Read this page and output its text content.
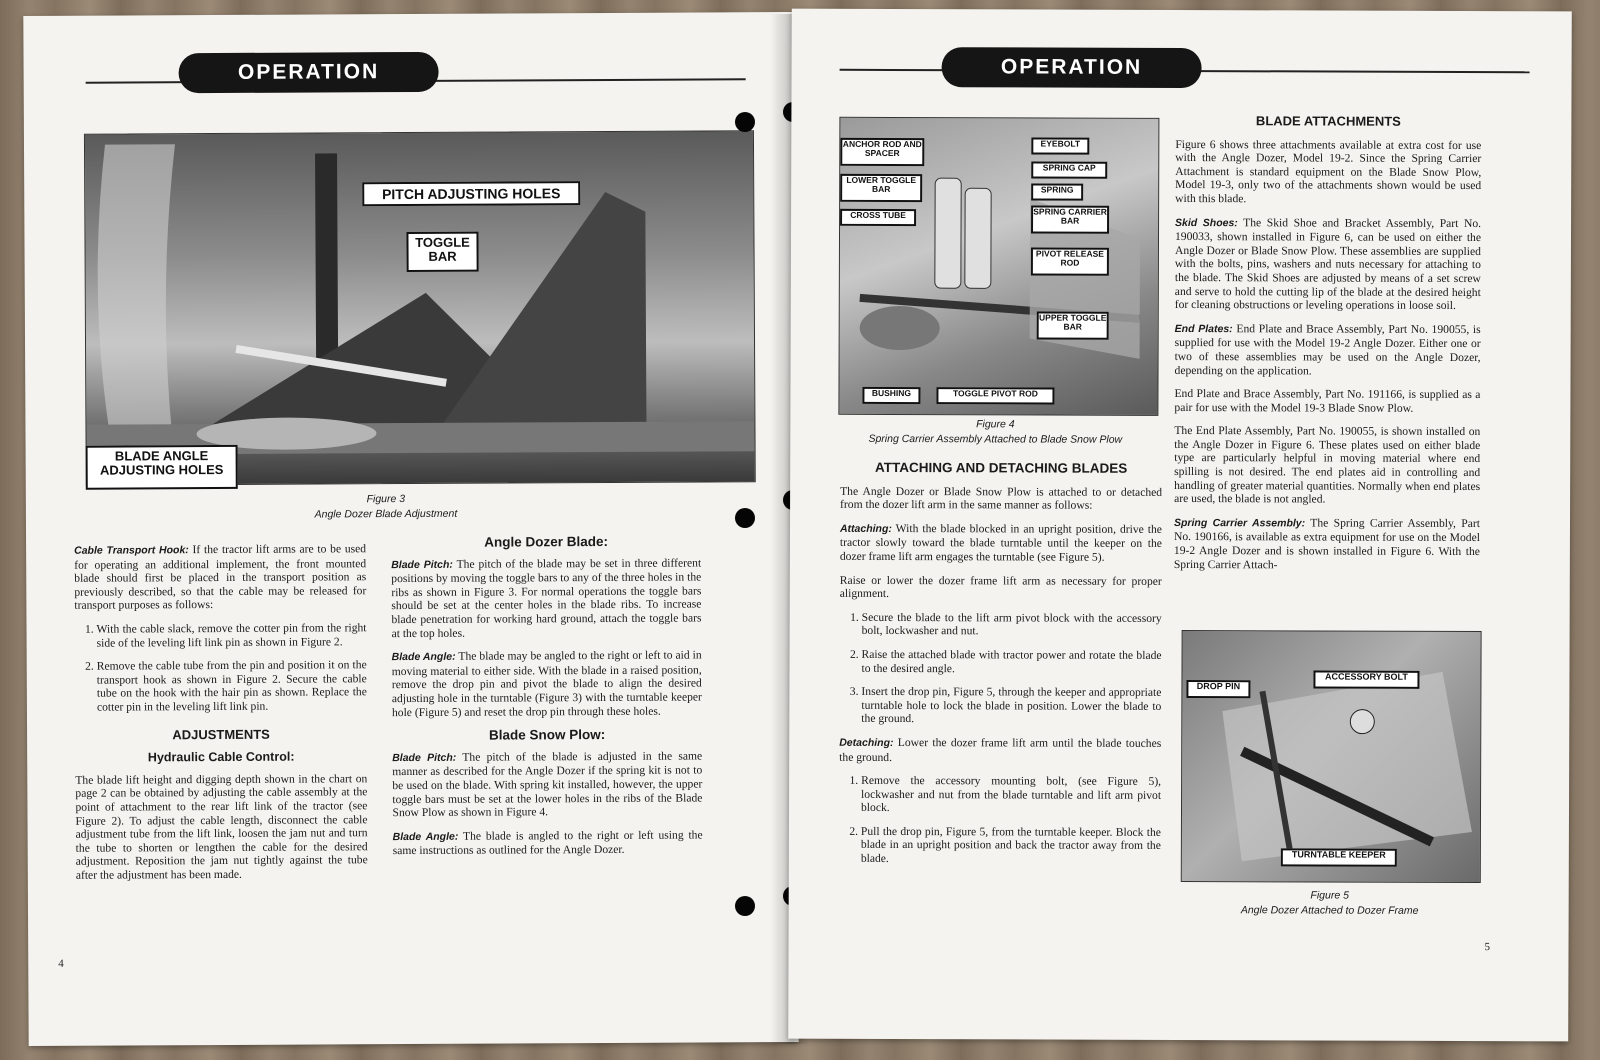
OPERATION
PITCH ADJUSTING HOLES
TOGGLE BAR
BLADE ANGLE ADJUSTING HOLES
Figure 3
Angle Dozer Blade Adjustment

Cable Transport Hook: If the tractor lift arms are to be used for operating an additional implement, the front mounted blade should first be placed in the transport position as previously described, so that the cable may be released for transport purposes as follows:

1. With the cable slack, remove the cotter pin from the right side of the leveling lift link pin as shown in Figure 2.
2. Remove the cable tube from the pin and position it on the transport hook as shown in Figure 2. Secure the cable tube on the hook with the hair pin as shown. Replace the cotter pin in the leveling lift link pin.
ADJUSTMENTS
Hydraulic Cable Control:

The blade lift height and digging depth shown in the chart on page 2 can be obtained by adjusting the cable assembly at the point of attachment to the rear lift link of the tractor (see Figure 2). To adjust the cable length, disconnect the cable adjustment tube from the lift link, loosen the jam nut and turn the tube to shorten or lengthen the cable for the desired adjustment. Reposition the jam nut tightly against the tube after the adjustment has been made.

Angle Dozer Blade:

Blade Pitch: The pitch of the blade may be set in three different positions by moving the toggle bars to any of the three holes in the ribs as shown in Figure 3. For normal operations the toggle bars should be set at the center holes in the blade ribs. To increase blade penetration for working hard ground, attach the toggle bars at the top holes.

Blade Angle: The blade may be angled to the right or left to aid in moving material to either side. With the blade in a raised position, remove the drop pin and pivot the blade to align the desired adjusting hole in the turntable (Figure 3) with the turntable keeper hole (Figure 5) and reset the drop pin through these holes.

Blade Snow Plow:

Blade Pitch: The pitch of the blade is adjusted in the same manner as described for the Angle Dozer if the spring kit is not to be used on the blade. With spring kit installed, however, the upper toggle bars must be set at the lower holes in the ribs of the Blade Snow Plow as shown in Figure 4.

Blade Angle: The blade is angled to the right or left using the same instructions as outlined for the Angle Dozer.

4
OPERATION
ANCHOR ROD AND SPACER
LOWER TOGGLE BAR
CROSS TUBE
EYEBOLT
SPRING CAP
SPRING
SPRING CARRIER BAR
PIVOT RELEASE ROD
UPPER TOGGLE BAR
BUSHING	TOGGLE PIVOT ROD
Figure 4
Spring Carrier Assembly Attached to Blade Snow Plow
ATTACHING AND DETACHING BLADES

The Angle Dozer or Blade Snow Plow is attached to or detached from the dozer lift arm in the same manner as follows:

Attaching: With the blade blocked in an upright position, drive the tractor slowly toward the blade turntable until the keeper on the dozer frame lift arm engages the turntable (see Figure 5).

Raise or lower the dozer frame lift arm as necessary for proper alignment.

1. Secure the blade to the lift arm pivot block with the accessory bolt, lockwasher and nut.
2. Raise the attached blade with tractor power and rotate the blade to the desired angle.
3. Insert the drop pin, Figure 5, through the keeper and appropriate turntable hole to lock the blade in position. Lower the blade to the ground.

Detaching: Lower the dozer frame lift arm until the blade touches the ground.

1. Remove the accessory mounting bolt, (see Figure 5), lockwasher and nut from the blade turntable and lift arm pivot block.
2. Pull the drop pin, Figure 5, from the turntable keeper. Block the blade in an upright position and back the tractor away from the blade.
BLADE ATTACHMENTS

Figure 6 shows three attachments available at extra cost for use with the Angle Dozer, Model 19-2. Since the Spring Carrier Attachment is standard equipment on the Blade Snow Plow, Model 19-3, only two of the attachments shown would be used with this blade.

Skid Shoes: The Skid Shoe and Bracket Assembly, Part No. 190033, shown installed in Figure 6, can be used on either the Angle Dozer or Blade Snow Plow. These assemblies are supplied with the bolts, pins, washers and nuts necessary for attaching to the blade. The Skid Shoes are adjusted by means of a set screw and serve to hold the cutting lip of the blade at the desired height for cleaning obstructions or leveling operations in loose soil.

End Plates: End Plate and Brace Assembly, Part No. 190055, is supplied for use with the Model 19-2 Angle Dozer. Either one or two of these assemblies may be used on the Angle Dozer, depending on the application.

End Plate and Brace Assembly, Part No. 191166, is supplied as a pair for use with the Model 19-3 Blade Snow Plow.

The End Plate Assembly, Part No. 190055, is shown installed on the Angle Dozer in Figure 6. These plates used on either blade type are particularly helpful in moving material where end spilling is not desired. The end plates aid in controlling and handling of greater material quantities. Normally when end plates are used, the blade is not angled.

Spring Carrier Assembly: The Spring Carrier Assembly, Part No. 190166, is available as extra equipment for use on the Model 19-2 Angle Dozer and is shown installed in Figure 6. With the Spring Carrier Attach-

DROP PIN
ACCESSORY BOLT
TURNTABLE KEEPER
Figure 5
Angle Dozer Attached to Dozer Frame
5
